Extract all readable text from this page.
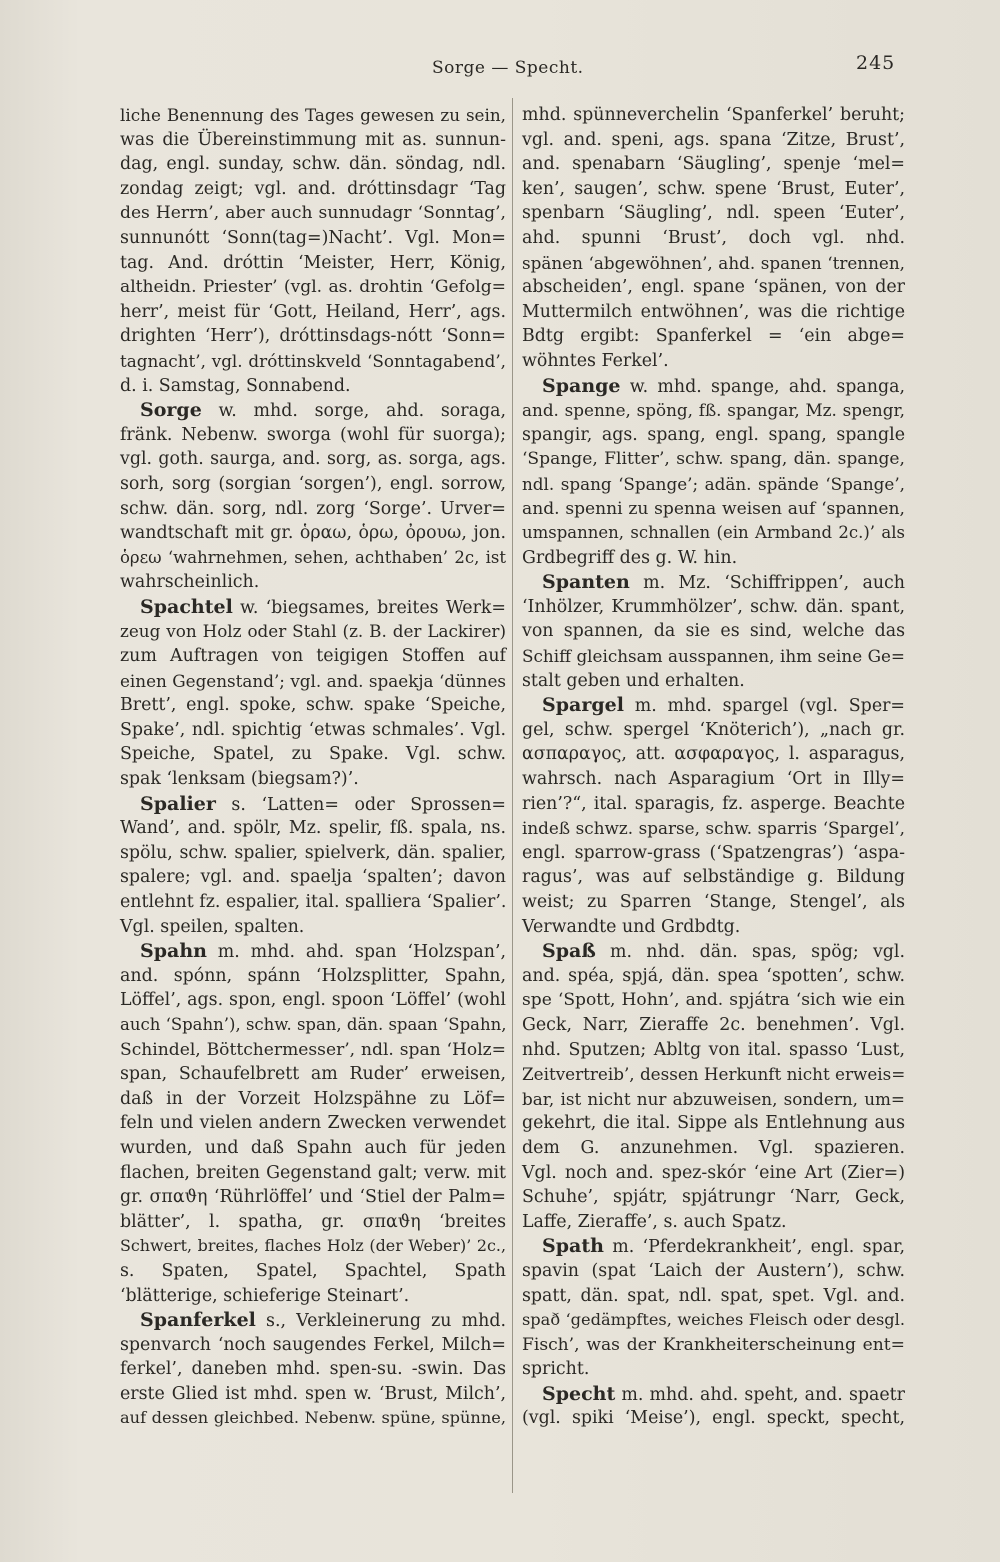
Sorge — Specht.	245
liche Benennung des Tages gewesen zu sein,
was die Übereinstimmung mit as. sunnun-
dag, engl. sunday, schw. dän. söndag, ndl.
zondag zeigt; vgl. and. dróttinsdagr ‘Tag
des Herrn’, aber auch sunnudagr ‘Sonntag’,
sunnunótt ‘Sonn(tag=)Nacht’. Vgl. Mon=
tag. And. dróttin ‘Meister, Herr, König,
altheidn. Priester’ (vgl. as. drohtin ‘Gefolg=
herr’, meist für ‘Gott, Heiland, Herr’, ags.
drighten ‘Herr’), dróttinsdags-nótt ‘Sonn=
tagnacht’, vgl. dróttinskveld ‘Sonntagabend’,
d. i. Samstag, Sonnabend.
Sorge w. mhd. sorge, ahd. soraga,
fränk. Nebenw. sworga (wohl für suorga);
vgl. goth. saurga, and. sorg, as. sorga, ags.
sorh, sorg (sorgian ‘sorgen’), engl. sorrow,
schw. dän. sorg, ndl. zorg ‘Sorge’. Urver=
wandtschaft mit gr. ὁραω, ὁρω, ὀρουω, jon.
ὁρεω ‘wahrnehmen, sehen, achthaben’ 2c, ist
wahrscheinlich.
Spachtel w. ‘biegsames, breites Werk=
zeug von Holz oder Stahl (z. B. der Lackirer)
zum Auftragen von teigigen Stoffen auf
einen Gegenstand’; vgl. and. spaekja ‘dünnes
Brett’, engl. spoke, schw. spake ‘Speiche,
Spake’, ndl. spichtig ‘etwas schmales’. Vgl.
Speiche, Spatel, zu Spake. Vgl. schw.
spak ‘lenksam (biegsam?)’.
Spalier s. ‘Latten= oder Sprossen=
Wand’, and. spölr, Mz. spelir, fß. spala, ns.
spölu, schw. spalier, spielverk, dän. spalier,
spalere; vgl. and. spaelja ‘spalten’; davon
entlehnt fz. espalier, ital. spalliera ‘Spalier’.
Vgl. speilen, spalten.
Spahn m. mhd. ahd. span ‘Holzspan’,
and. spónn, spánn ‘Holzsplitter, Spahn,
Löffel’, ags. spon, engl. spoon ‘Löffel’ (wohl
auch ‘Spahn’), schw. span, dän. spaan ‘Spahn,
Schindel, Böttchermesser’, ndl. span ‘Holz=
span, Schaufelbrett am Ruder’ erweisen,
daß in der Vorzeit Holzspähne zu Löf=
feln und vielen andern Zwecken verwendet
wurden, und daß Spahn auch für jeden
flachen, breiten Gegenstand galt; verw. mit
gr. σπαϑη ‘Rührlöffel’ und ‘Stiel der Palm=
blätter’, l. spatha, gr. σπαϑη ‘breites
Schwert, breites, flaches Holz (der Weber)’ 2c.,
s. Spaten, Spatel, Spachtel, Spath
‘blätterige, schieferige Steinart’.
Spanferkel s., Verkleinerung zu mhd.
spenvarch ‘noch saugendes Ferkel, Milch=
ferkel’, daneben mhd. spen-su. -swin. Das
erste Glied ist mhd. spen w. ‘Brust, Milch’,
auf dessen gleichbed. Nebenw. spüne, spünne,
mhd. spünneverchelin ‘Spanferkel’ beruht;
vgl. and. speni, ags. spana ‘Zitze, Brust’,
and. spenabarn ‘Säugling’, spenje ‘mel=
ken’, saugen’, schw. spene ‘Brust, Euter’,
spenbarn ‘Säugling’, ndl. speen ‘Euter’,
ahd. spunni ‘Brust’, doch vgl. nhd.
spänen ‘abgewöhnen’, ahd. spanen ‘trennen,
abscheiden’, engl. spane ‘spänen, von der
Muttermilch entwöhnen’, was die richtige
Bdtg ergibt: Spanferkel = ‘ein abge=
wöhntes Ferkel’.
Spange w. mhd. spange, ahd. spanga,
and. spenne, spöng, fß. spangar, Mz. spengr,
spangir, ags. spang, engl. spang, spangle
‘Spange, Flitter’, schw. spang, dän. spange,
ndl. spang ‘Spange’; adän. spände ‘Spange’,
and. spenni zu spenna weisen auf ‘spannen,
umspannen, schnallen (ein Armband 2c.)’ als
Grdbegriff des g. W. hin.
Spanten m. Mz. ‘Schiffrippen’, auch
‘Inhölzer, Krummhölzer’, schw. dän. spant,
von spannen, da sie es sind, welche das
Schiff gleichsam ausspannen, ihm seine Ge=
stalt geben und erhalten.
Spargel m. mhd. spargel (vgl. Sper=
gel, schw. spergel ‘Knöterich’), „nach gr.
ασπαραγος, att. ασφαραγος, l. asparagus,
wahrsch. nach Asparagium ‘Ort in Illy=
rien’?“, ital. sparagis, fz. asperge. Beachte
indeß schwz. sparse, schw. sparris ‘Spargel’,
engl. sparrow-grass (‘Spatzengras’) ‘aspa-
ragus’, was auf selbständige g. Bildung
weist; zu Sparren ‘Stange, Stengel’, als
Verwandte und Grdbdtg.
Spaß m. nhd. dän. spas, spög; vgl.
and. spéa, spjá, dän. spea ‘spotten’, schw.
spe ‘Spott, Hohn’, and. spjátra ‘sich wie ein
Geck, Narr, Zieraffe 2c. benehmen’. Vgl.
nhd. Sputzen; Abltg von ital. spasso ‘Lust,
Zeitvertreib’, dessen Herkunft nicht erweis=
bar, ist nicht nur abzuweisen, sondern, um=
gekehrt, die ital. Sippe als Entlehnung aus
dem G. anzunehmen. Vgl. spazieren.
Vgl. noch and. spez-skór ‘eine Art (Zier=)
Schuhe’, spjátr, spjátrungr ‘Narr, Geck,
Laffe, Zieraffe’, s. auch Spatz.
Spath m. ‘Pferdekrankheit’, engl. spar,
spavin (spat ‘Laich der Austern’), schw.
spatt, dän. spat, ndl. spat, spet. Vgl. and.
spað ‘gedämpftes, weiches Fleisch oder desgl.
Fisch’, was der Krankheiterscheinung ent=
spricht.
Specht m. mhd. ahd. speht, and. spaetr
(vgl. spiki ‘Meise’), engl. speckt, specht,
